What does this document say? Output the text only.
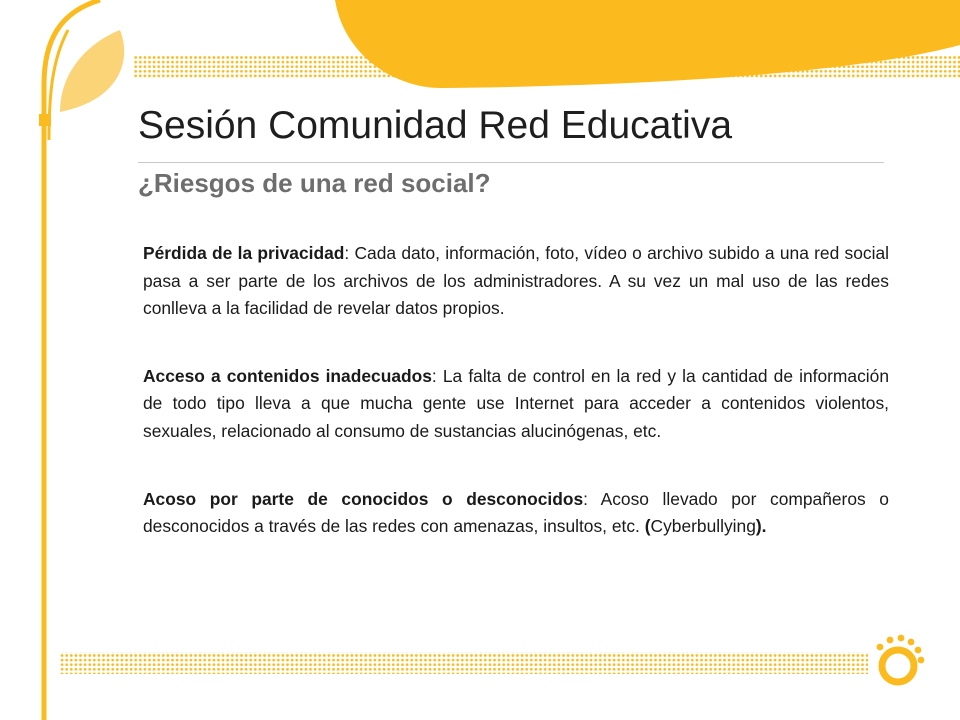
Sesión Comunidad Red Educativa
¿Riesgos de una red social?

Pérdida de la privacidad: Cada dato, información, foto, vídeo o archivo subido a una red social pasa a ser parte de los archivos de los administradores. A su vez un mal uso de las redes conlleva a la facilidad de revelar datos propios.

Acceso a contenidos inadecuados: La falta de control en la red y la cantidad de información de todo tipo lleva a que mucha gente use Internet para acceder a contenidos violentos, sexuales, relacionado al consumo de sustancias alucinógenas, etc.

Acoso por parte de conocidos o desconocidos: Acoso llevado por compañeros o desconocidos a través de las redes con amenazas, insultos, etc. (Cyberbullying).
